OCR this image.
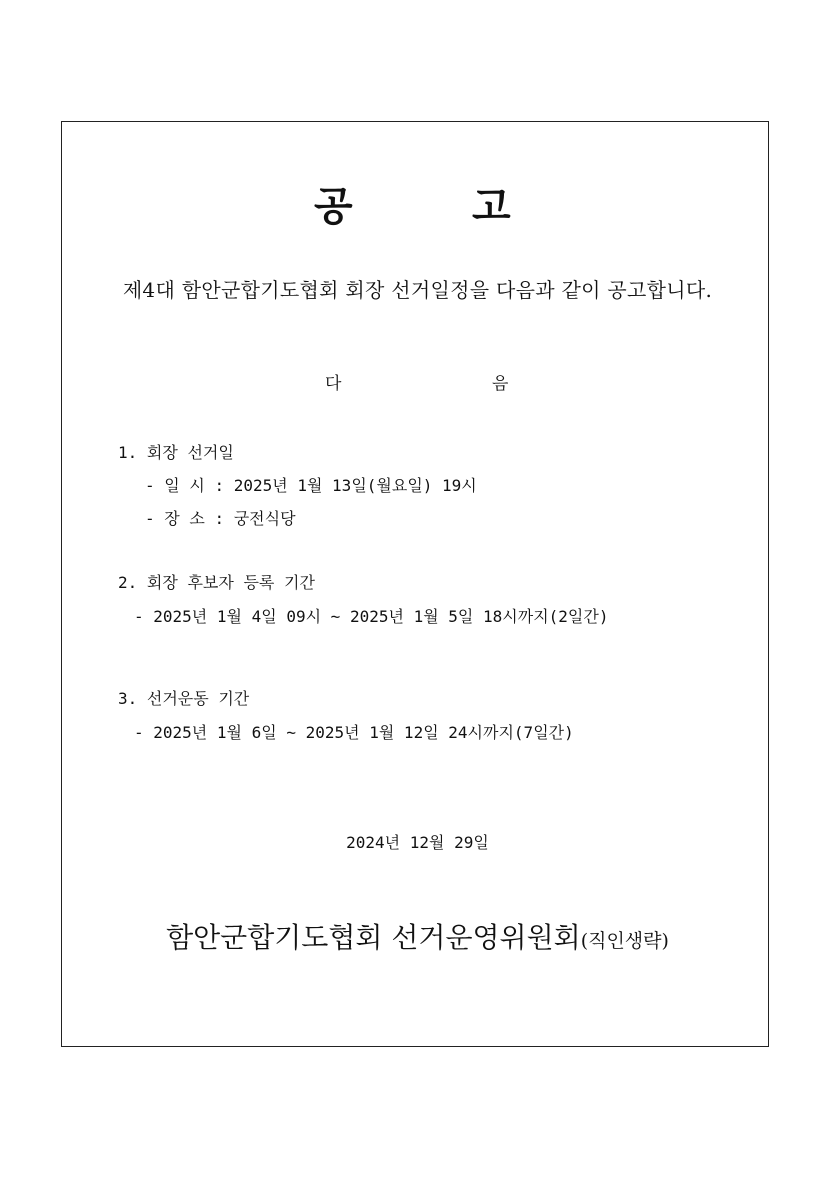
공	고
제4대 함안군합기도협회 회장 선거일정을 다음과 같이 공고합니다.
다	음
1. 회장 선거일
- 일 시 : 2025년 1월 13일(월요일) 19시
- 장 소 : 궁전식당
2. 회장 후보자 등록 기간
- 2025년 1월 4일 09시 ~ 2025년 1월 5일 18시까지(2일간)
3. 선거운동 기간
- 2025년 1월 6일 ~ 2025년 1월 12일 24시까지(7일간)
2024년 12월 29일
함안군합기도협회 선거운영위원회(직인생략)
